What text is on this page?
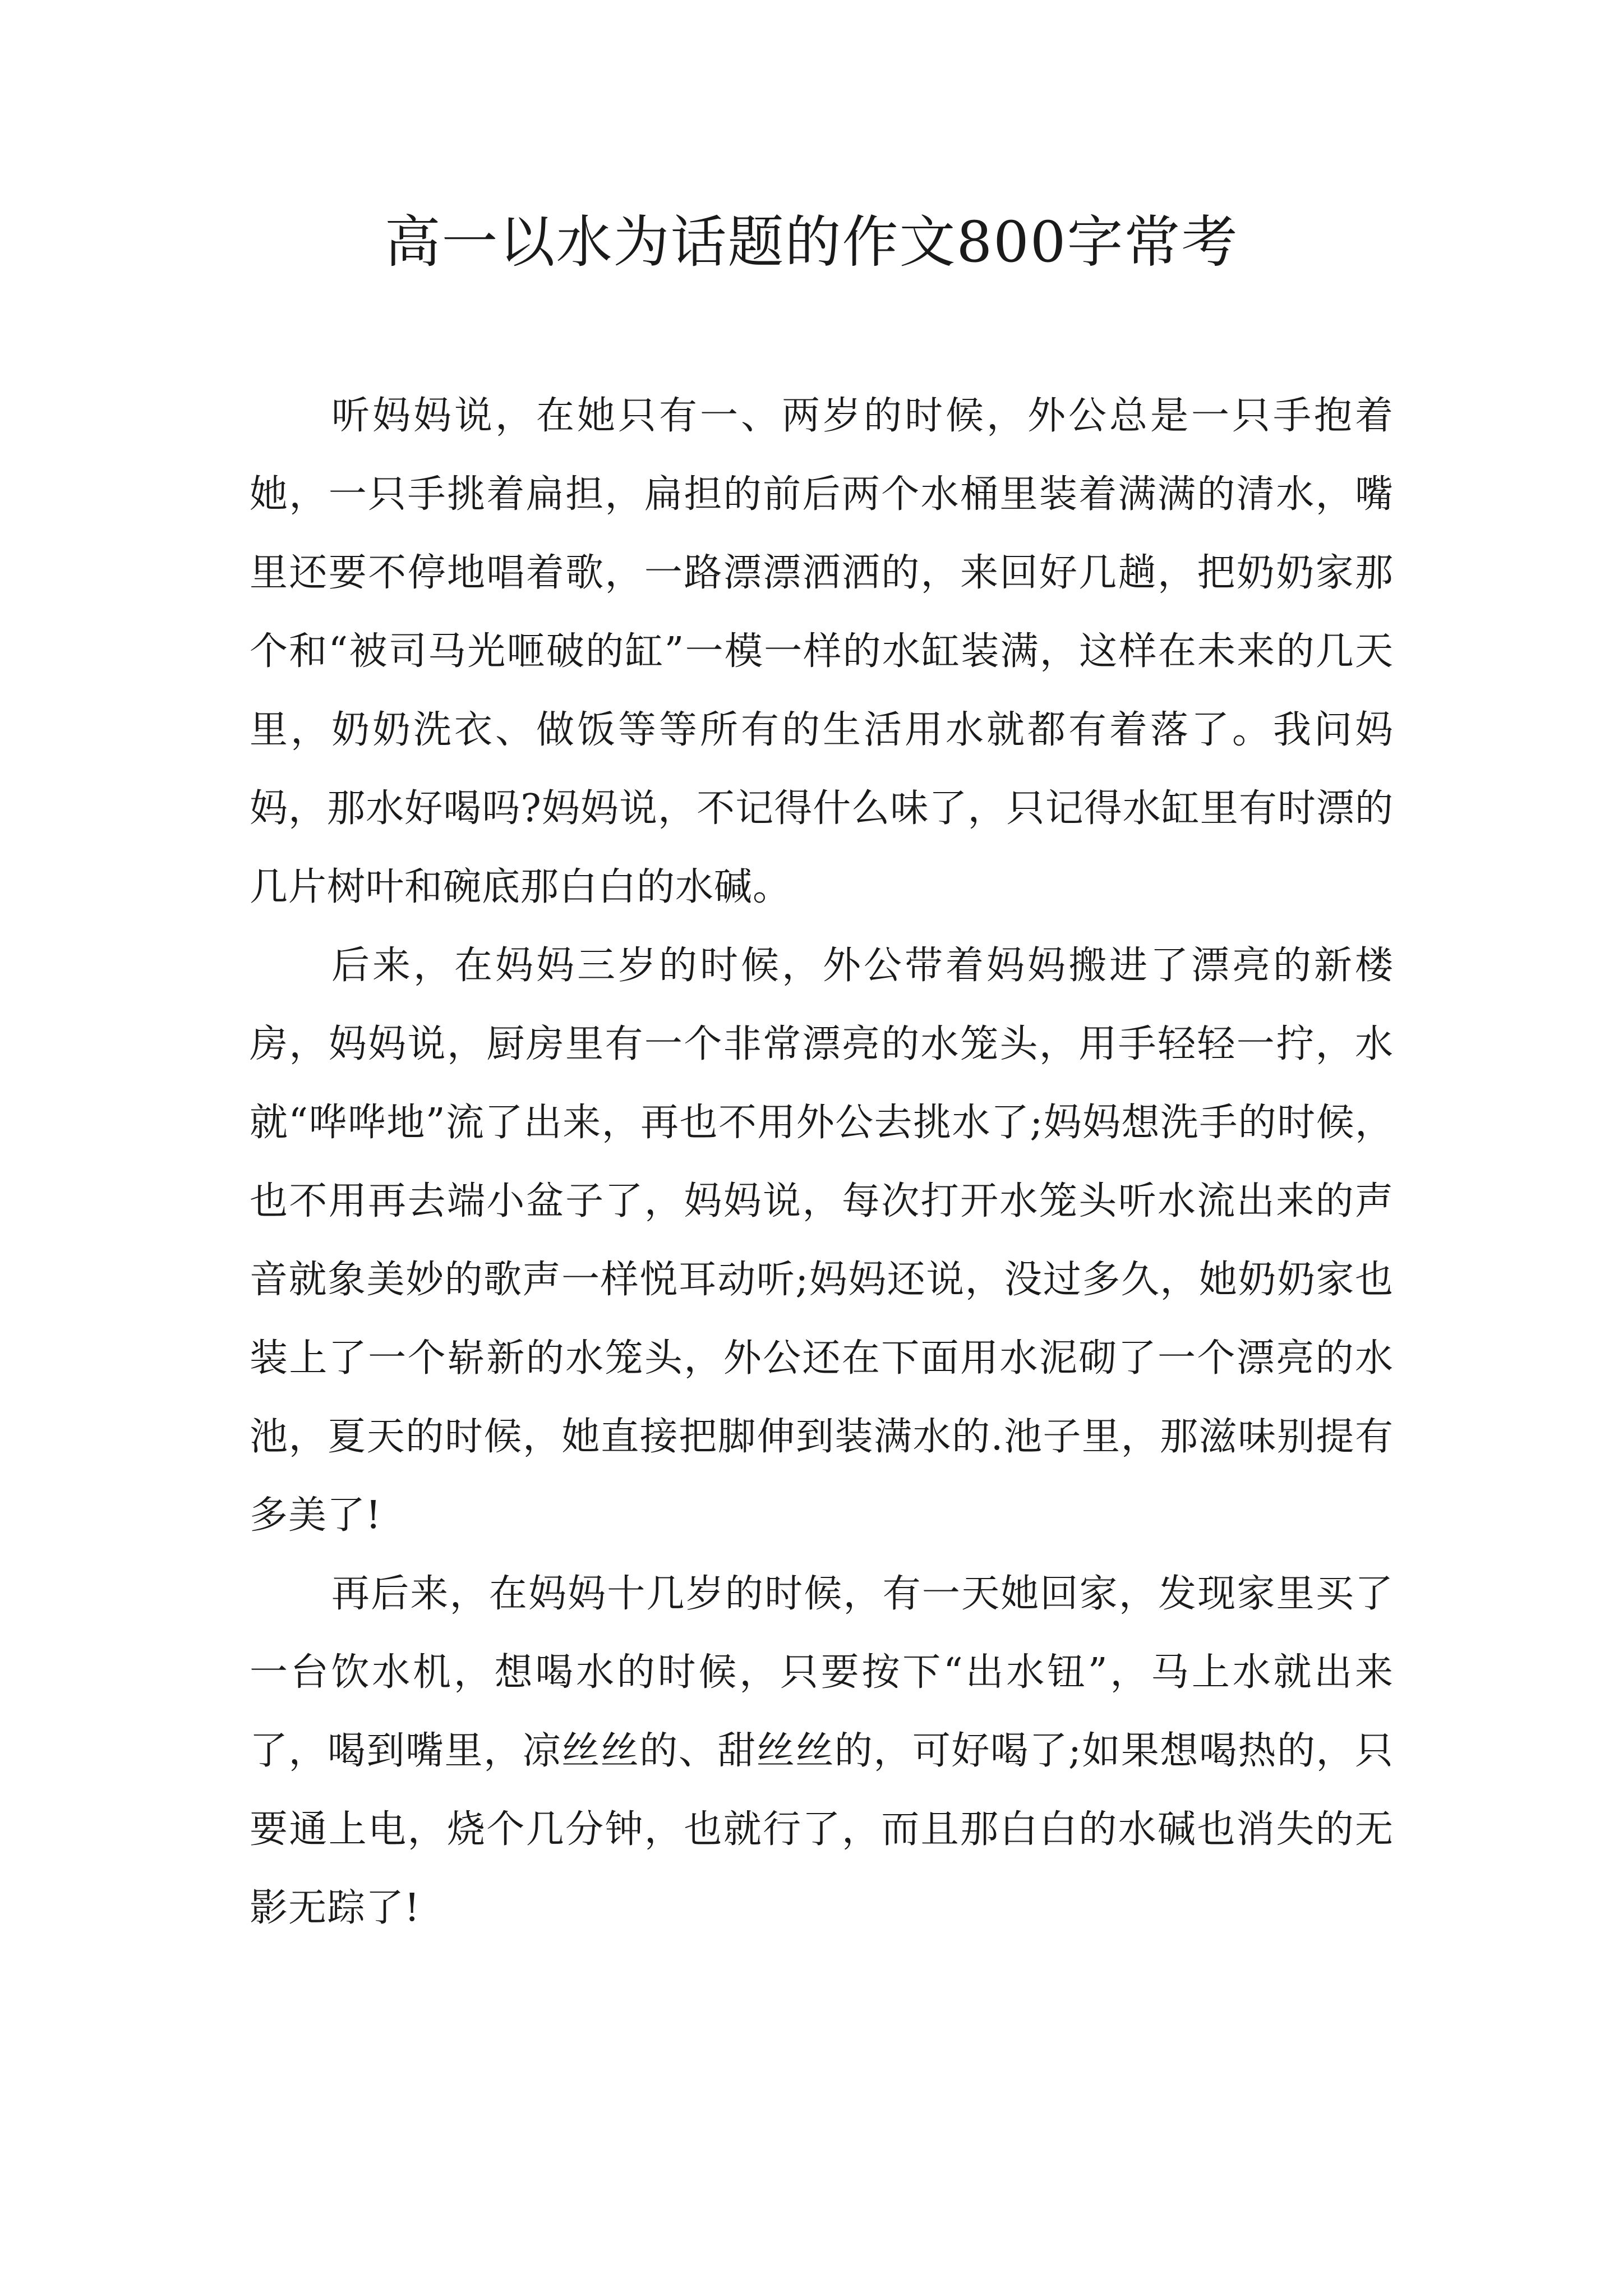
高一以水为话题的作文800字常考

听妈妈说，在她只有一、两岁的时候，外公总是一只手抱着她，一只手挑着扁担，扁担的前后两个水桶里装着满满的清水，嘴里还要不停地唱着歌，一路漂漂洒洒的，来回好几趟，把奶奶家那个和“被司马光咂破的缸”一模一样的水缸装满，这样在未来的几天里，奶奶洗衣、做饭等等所有的生活用水就都有着落了。我问妈妈，那水好喝吗?妈妈说，不记得什么味了，只记得水缸里有时漂的几片树叶和碗底那白白的水碱。

后来，在妈妈三岁的时候，外公带着妈妈搬进了漂亮的新楼房，妈妈说，厨房里有一个非常漂亮的水笼头，用手轻轻一拧，水就“哗哗地”流了出来，再也不用外公去挑水了;妈妈想洗手的时候，也不用再去端小盆子了，妈妈说，每次打开水笼头听水流出来的声音就象美妙的歌声一样悦耳动听;妈妈还说，没过多久，她奶奶家也装上了一个崭新的水笼头，外公还在下面用水泥砌了一个漂亮的水池，夏天的时候，她直接把脚伸到装满水的.池子里，那滋味别提有多美了!

再后来，在妈妈十几岁的时候，有一天她回家，发现家里买了一台饮水机，想喝水的时候，只要按下“出水钮”，马上水就出来了，喝到嘴里，凉丝丝的、甜丝丝的，可好喝了;如果想喝热的，只要通上电，烧个几分钟，也就行了，而且那白白的水碱也消失的无影无踪了!
